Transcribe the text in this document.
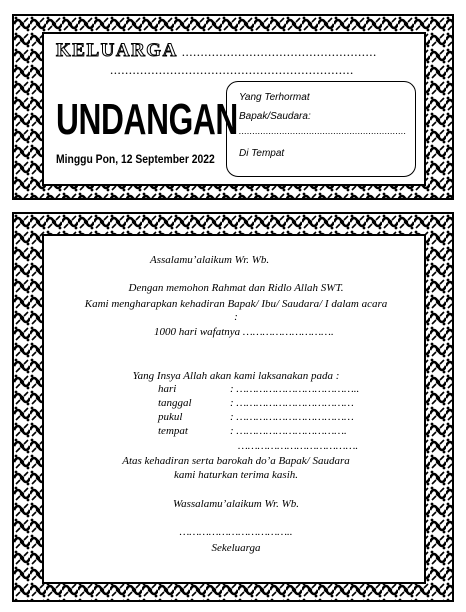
KELUARGA ....................................................
.................................................................
UNDANGAN
Minggu Pon, 12 September 2022
Yang Terhormat
Bapak/Saudara:
..............................................................
Di Tempat
Assalamu’alaikum Wr. Wb.
Dengan memohon Rahmat dan Ridlo Allah SWT.
Kami mengharapkan kehadiran Bapak/ Ibu/ Saudara/ I dalam acara
:
1000 hari wafatnya ……………………….
Yang Insya Allah akan kami laksanakan pada :
hari	: ………………………………..
tanggal	: ………………………………
pukul	: ………………………………
tempat	: …………………………….
……………………………….
Atas kehadiran serta barokah do’a Bapak/ Saudara
kami haturkan terima kasih.
Wassalamu’alaikum Wr. Wb.
……………………………..
Sekeluarga
